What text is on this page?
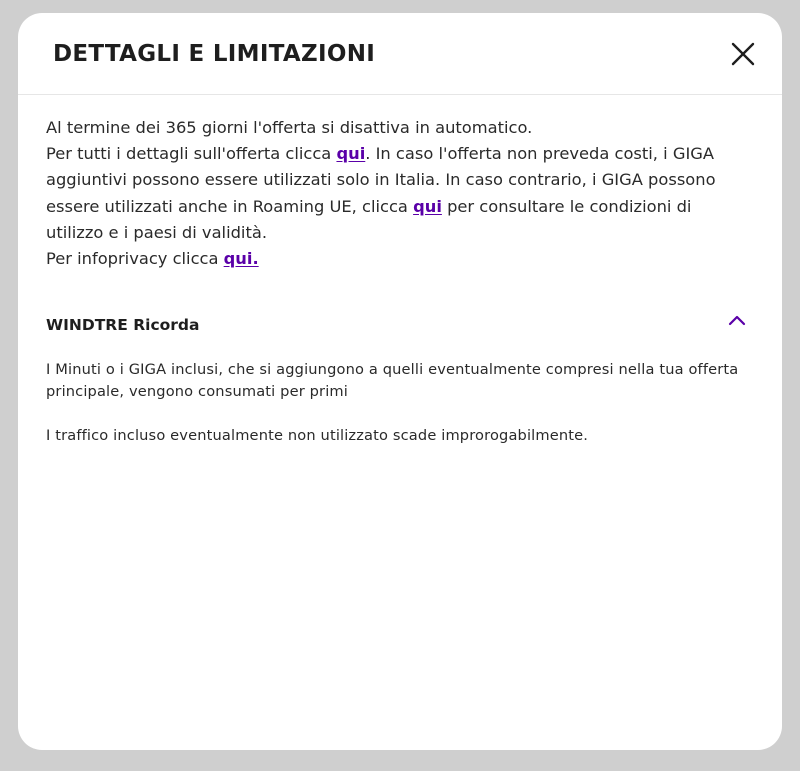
DETTAGLI E LIMITAZIONI

Al termine dei 365 giorni l'offerta si disattiva in automatico.
Per tutti i dettagli sull'offerta clicca qui. In caso l'offerta non preveda costi, i GIGA aggiuntivi possono essere utilizzati solo in Italia. In caso contrario, i GIGA possono essere utilizzati anche in Roaming UE, clicca qui per consultare le condizioni di utilizzo e i paesi di validità.
Per infoprivacy clicca qui.

WINDTRE Ricorda

I Minuti o i GIGA inclusi, che si aggiungono a quelli eventualmente compresi nella tua offerta principale, vengono consumati per primi

I traffico incluso eventualmente non utilizzato scade improrogabilmente.
